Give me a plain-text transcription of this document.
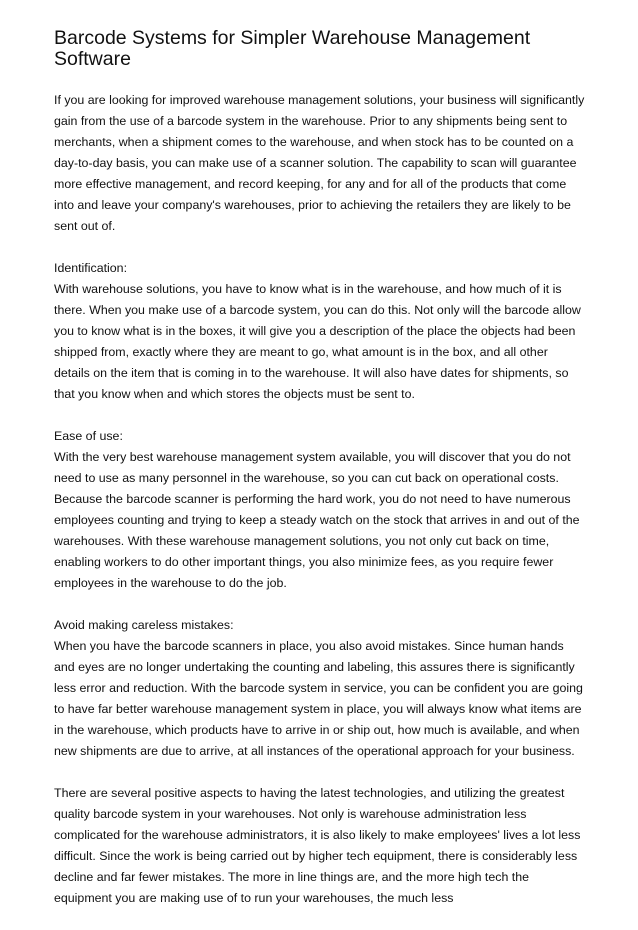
Barcode Systems for Simpler Warehouse Management Software

If you are looking for improved warehouse management solutions, your business will significantly gain from the use of a barcode system in the warehouse. Prior to any shipments being sent to merchants, when a shipment comes to the warehouse, and when stock has to be counted on a day-to-day basis, you can make use of a scanner solution. The capability to scan will guarantee more effective management, and record keeping, for any and for all of the products that come into and leave your company's warehouses, prior to achieving the retailers they are likely to be sent out of.

Identification:
With warehouse solutions, you have to know what is in the warehouse, and how much of it is there. When you make use of a barcode system, you can do this. Not only will the barcode allow you to know what is in the boxes, it will give you a description of the place the objects had been shipped from, exactly where they are meant to go, what amount is in the box, and all other details on the item that is coming in to the warehouse. It will also have dates for shipments, so that you know when and which stores the objects must be sent to.

Ease of use:
With the very best warehouse management system available, you will discover that you do not need to use as many personnel in the warehouse, so you can cut back on operational costs. Because the barcode scanner is performing the hard work, you do not need to have numerous employees counting and trying to keep a steady watch on the stock that arrives in and out of the warehouses. With these warehouse management solutions, you not only cut back on time, enabling workers to do other important things, you also minimize fees, as you require fewer employees in the warehouse to do the job.

Avoid making careless mistakes:
When you have the barcode scanners in place, you also avoid mistakes. Since human hands and eyes are no longer undertaking the counting and labeling, this assures there is significantly less error and reduction. With the barcode system in service, you can be confident you are going to have far better warehouse management system in place, you will always know what items are in the warehouse, which products have to arrive in or ship out, how much is available, and when new shipments are due to arrive, at all instances of the operational approach for your business.

There are several positive aspects to having the latest technologies, and utilizing the greatest quality barcode system in your warehouses. Not only is warehouse administration less complicated for the warehouse administrators, it is also likely to make employees' lives a lot less difficult. Since the work is being carried out by higher tech equipment, there is considerably less decline and far fewer mistakes. The more in line things are, and the more high tech the equipment you are making use of to run your warehouses, the much less
